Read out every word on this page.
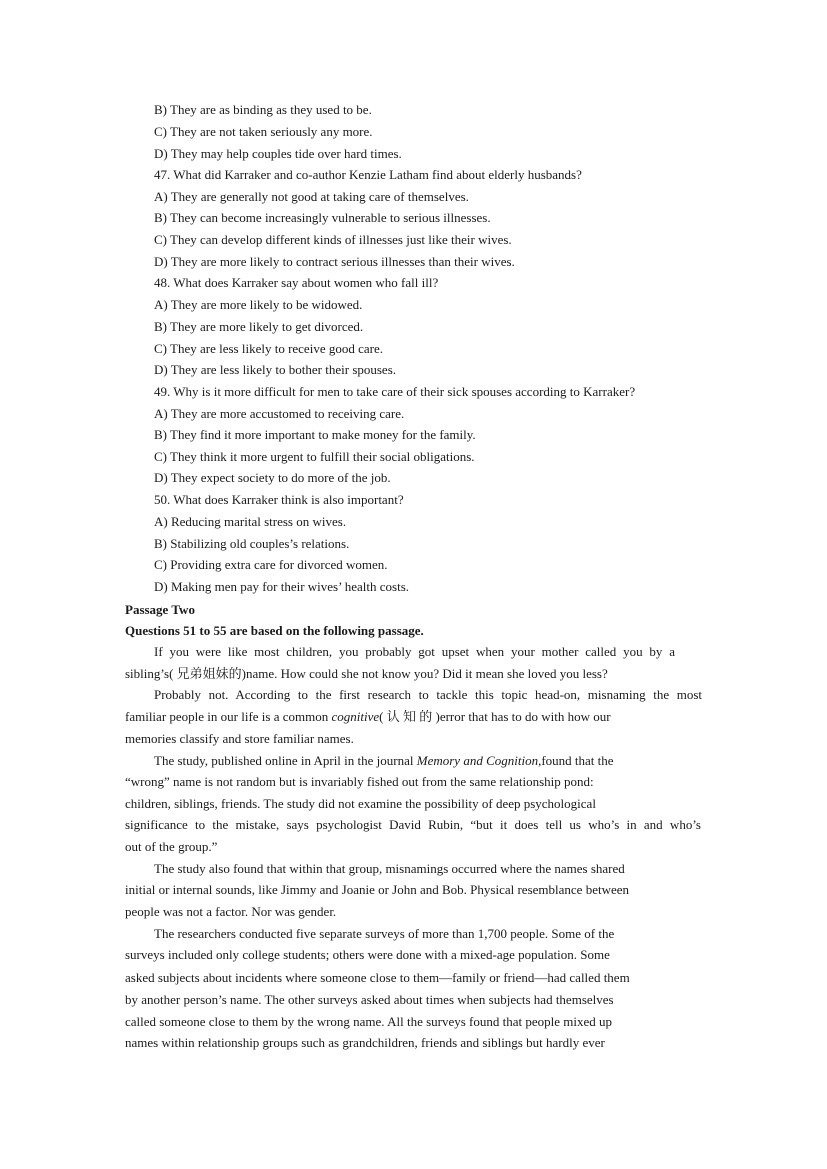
B) They are as binding as they used to be.
C) They are not taken seriously any more.
D) They may help couples tide over hard times.
47. What did Karraker and co-author Kenzie Latham find about elderly husbands?
A) They are generally not good at taking care of themselves.
B) They can become increasingly vulnerable to serious illnesses.
C) They can develop different kinds of illnesses just like their wives.
D) They are more likely to contract serious illnesses than their wives.
48. What does Karraker say about women who fall ill?
A) They are more likely to be widowed.
B) They are more likely to get divorced.
C) They are less likely to receive good care.
D) They are less likely to bother their spouses.
49. Why is it more difficult for men to take care of their sick spouses according to Karraker?
A) They are more accustomed to receiving care.
B) They find it more important to make money for the family.
C) They think it more urgent to fulfill their social obligations.
D) They expect society to do more of the job.
50. What does Karraker think is also important?
A) Reducing marital stress on wives.
B) Stabilizing old couples’s relations.
C) Providing extra care for divorced women.
D) Making men pay for their wives’ health costs.
Passage Two
Questions 51 to 55 are based on the following passage.
If you were like most children, you probably got upset when your mother called you by a
sibling’s( 兄弟姐妹的)name. How could she not know you? Did it mean she loved you less?
Probably not. According to the first research to tackle this topic head-on, misnaming the most
familiar people in our life is a common cognitive( 认 知 的 )error that has to do with how our
memories classify and store familiar names.
The study, published online in April in the journal Memory and Cognition,found that the
“wrong” name is not random but is invariably fished out from the same relationship pond:
children, siblings, friends. The study did not examine the possibility of deep psychological
significance to the mistake, says psychologist David Rubin, “but it does tell us who’s in and who’s
out of the group.”
The study also found that within that group, misnamings occurred where the names shared
initial or internal sounds, like Jimmy and Joanie or John and Bob. Physical resemblance between
people was not a factor. Nor was gender.
The researchers conducted five separate surveys of more than 1,700 people. Some of the
surveys included only college students; others were done with a mixed-age population. Some
asked subjects about incidents where someone close to them—family or friend—had called them
by another person’s name. The other surveys asked about times when subjects had themselves
called someone close to them by the wrong name. All the surveys found that people mixed up
names within relationship groups such as grandchildren, friends and siblings but hardly ever
